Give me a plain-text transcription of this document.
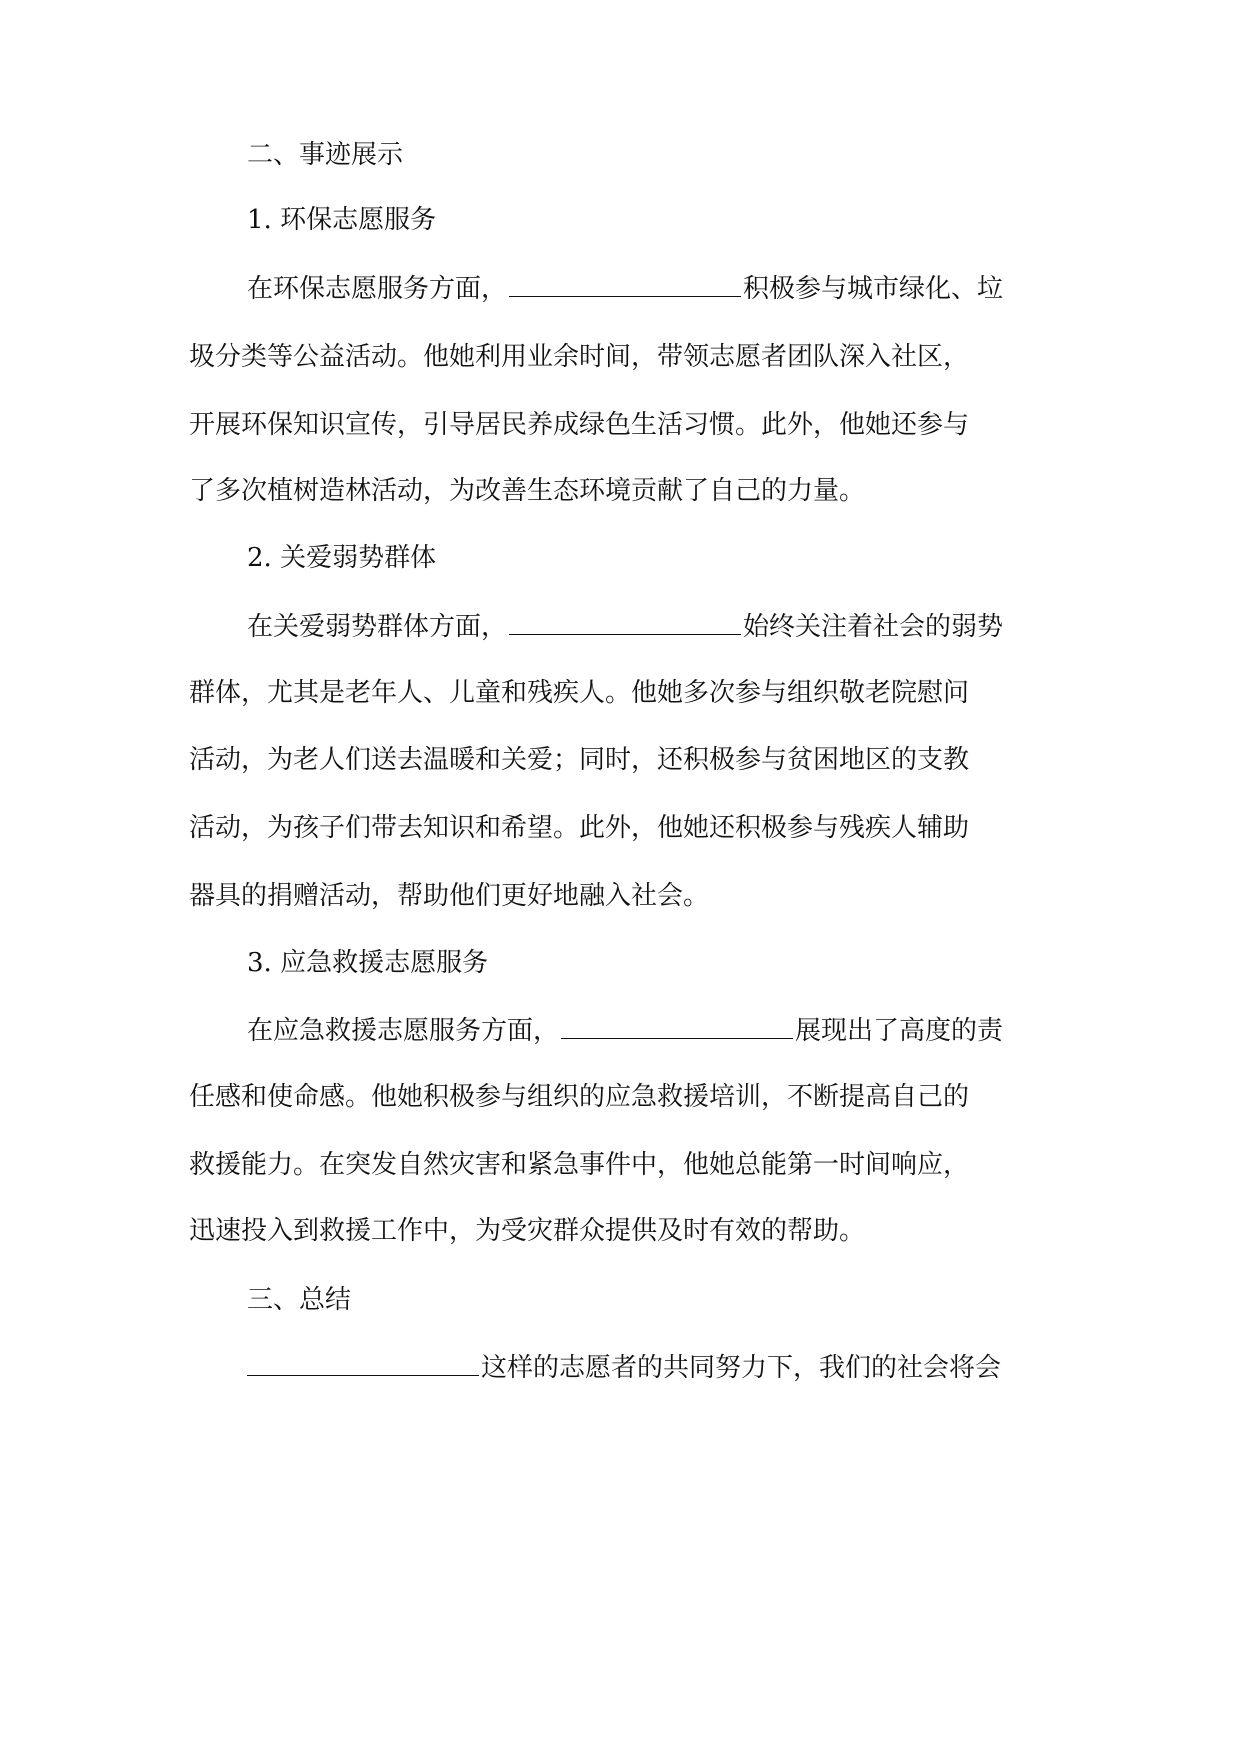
二、事迹展示
1. 环保志愿服务
在环保志愿服务方面，	积极参与城市绿化、垃
圾分类等公益活动。他她利用业余时间，带领志愿者团队深入社区，
开展环保知识宣传，引导居民养成绿色生活习惯。此外，他她还参与
了多次植树造林活动，为改善生态环境贡献了自己的力量。
2. 关爱弱势群体
在关爱弱势群体方面，	始终关注着社会的弱势
群体，尤其是老年人、儿童和残疾人。他她多次参与组织敬老院慰问
活动，为老人们送去温暖和关爱；同时，还积极参与贫困地区的支教
活动，为孩子们带去知识和希望。此外，他她还积极参与残疾人辅助
器具的捐赠活动，帮助他们更好地融入社会。
3. 应急救援志愿服务
在应急救援志愿服务方面，	展现出了高度的责
任感和使命感。他她积极参与组织的应急救援培训，不断提高自己的
救援能力。在突发自然灾害和紧急事件中，他她总能第一时间响应，
迅速投入到救援工作中，为受灾群众提供及时有效的帮助。
三、总结
这样的志愿者的共同努力下，我们的社会将会
